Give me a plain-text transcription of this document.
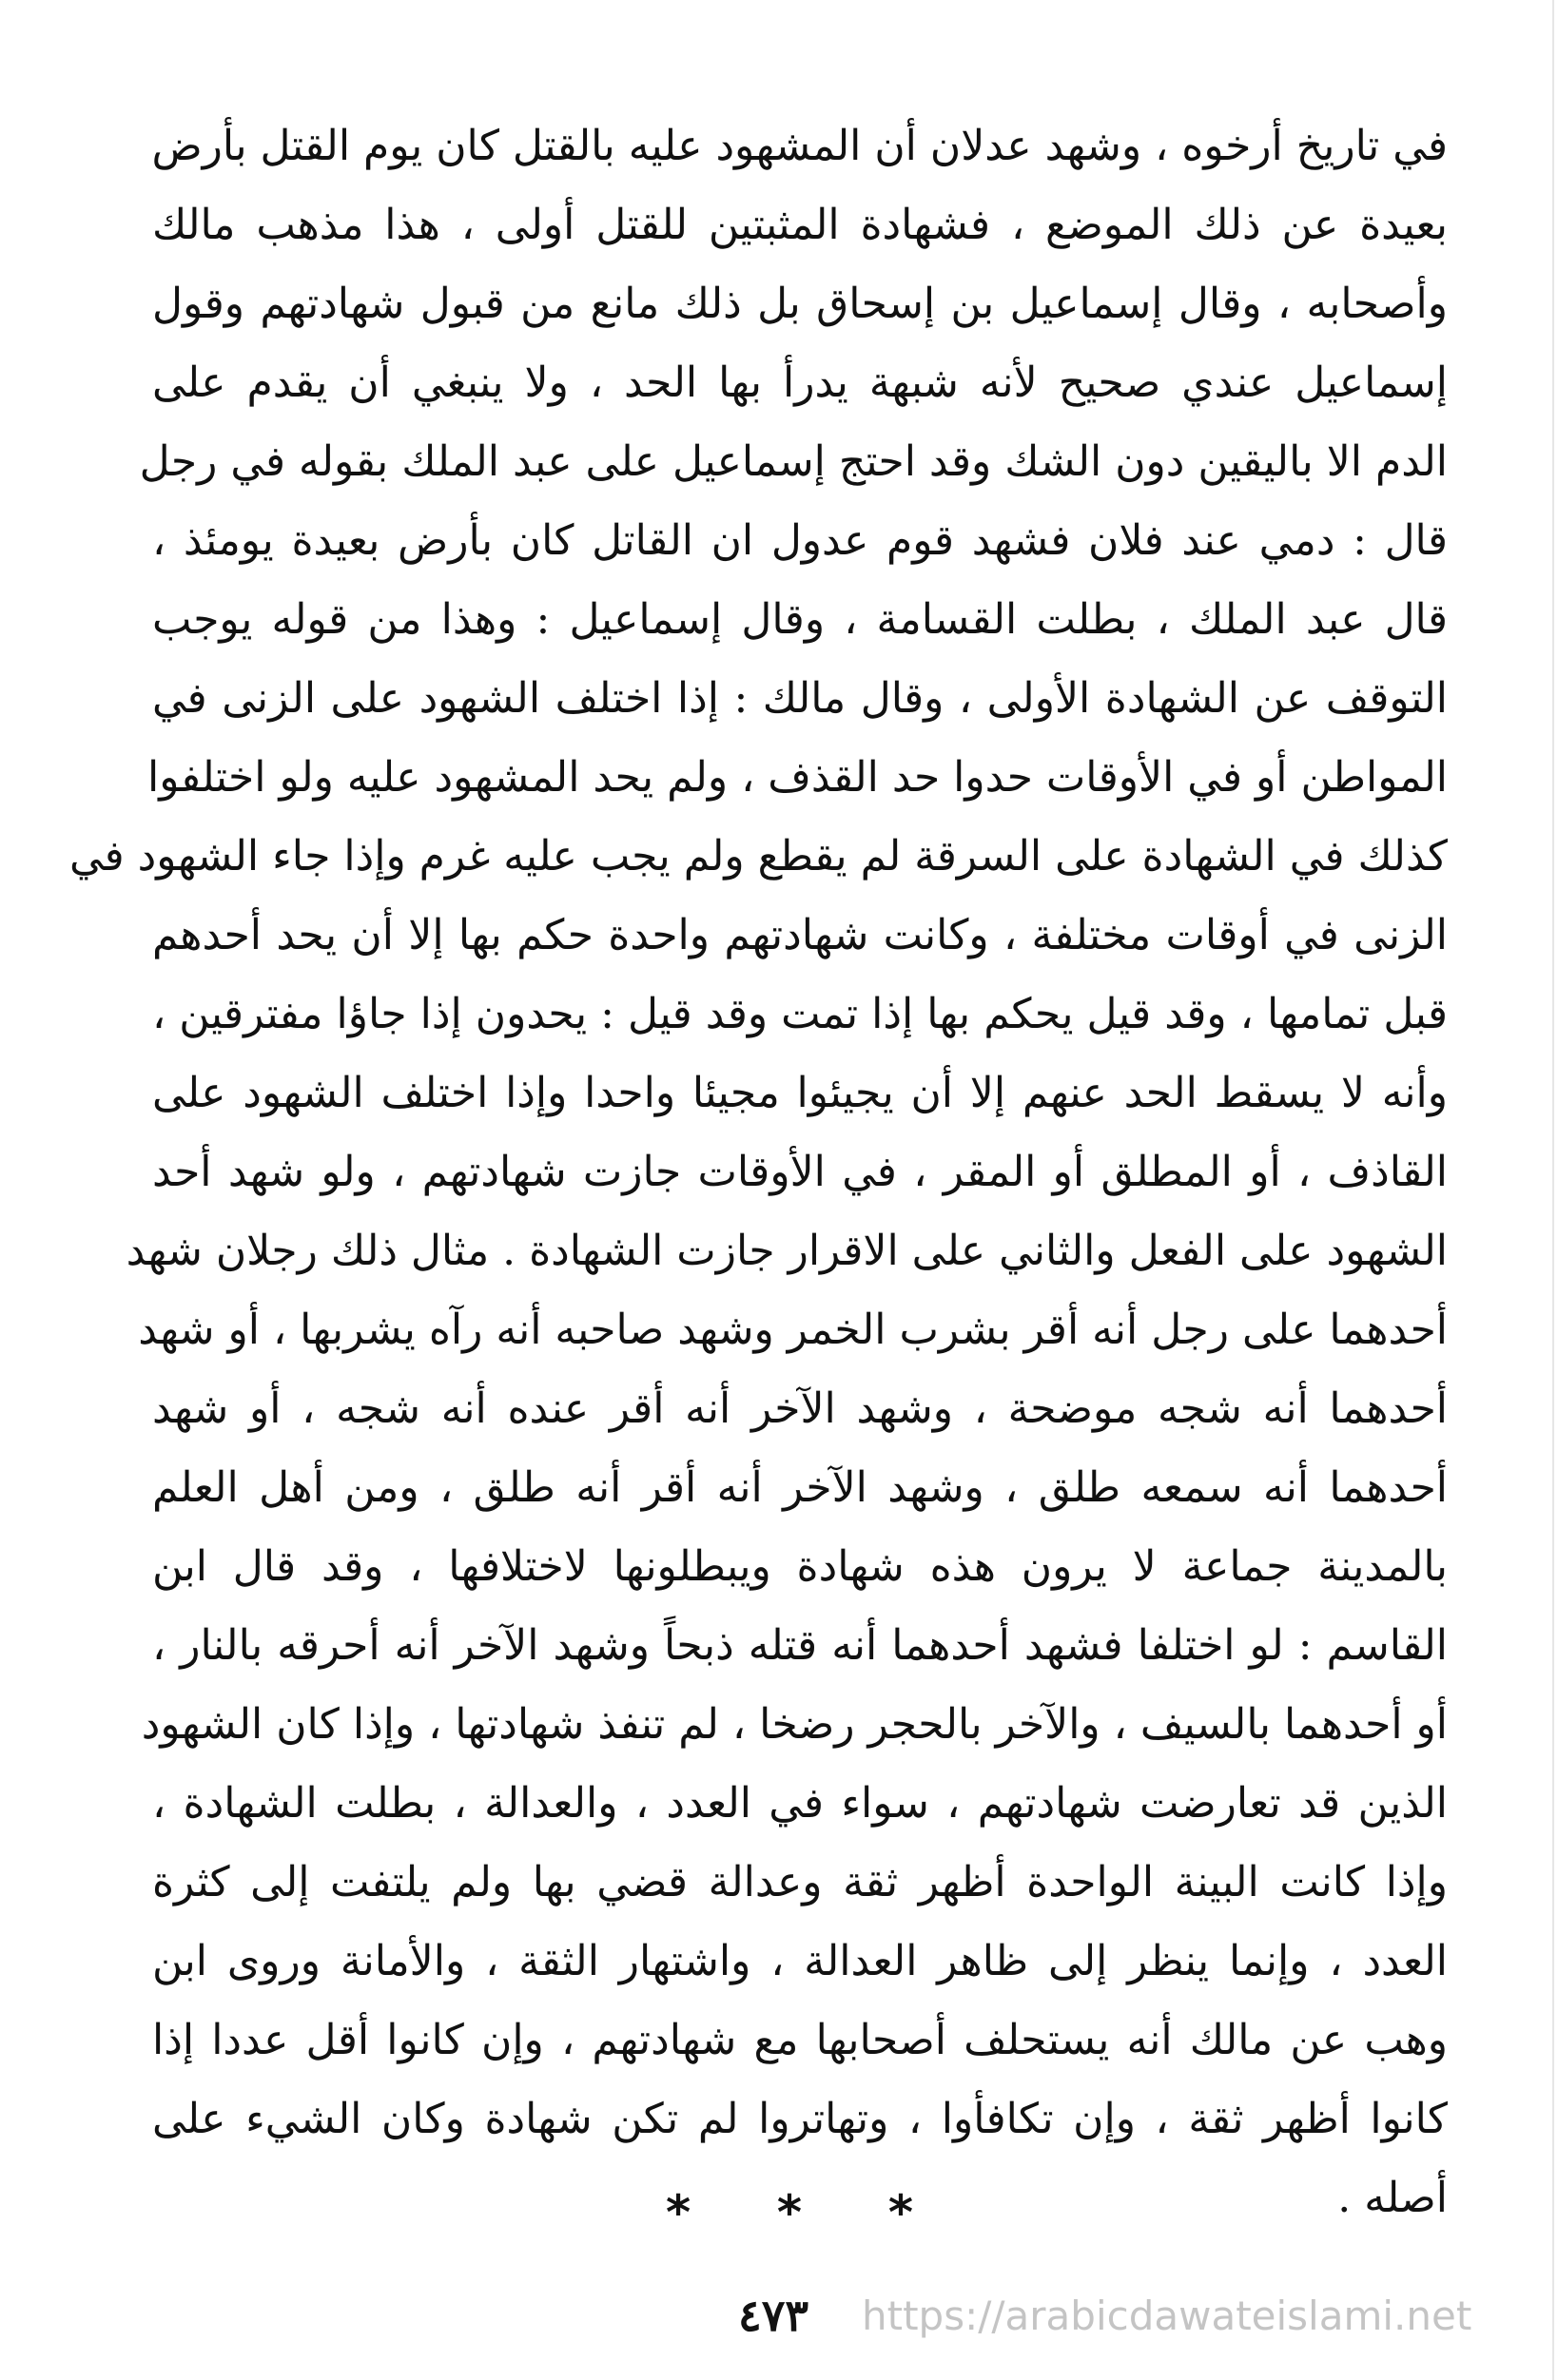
في تاريخ أرخوه ، وشهد عدلان أن المشهود عليه بالقتل كان يوم القتل بأرض
بعيدة عن ذلك الموضع ، فشهادة المثبتين للقتل أولى ، هذا مذهب مالك
وأصحابه ، وقال إسماعيل بن إسحاق بل ذلك مانع من قبول شهادتهم وقول
إسماعيل عندي صحيح لأنه شبهة يدرأ بها الحد ، ولا ينبغي أن يقدم على
الدم الا باليقين دون الشك وقد احتج إسماعيل على عبد الملك بقوله في رجل
قال : دمي عند فلان فشهد قوم عدول ان القاتل كان بأرض بعيدة يومئذ ،
قال عبد الملك ، بطلت القسامة ، وقال إسماعيل : وهذا من قوله يوجب
التوقف عن الشهادة الأولى ، وقال مالك : إذا اختلف الشهود على الزنى في
المواطن أو في الأوقات حدوا حد القذف ، ولم يحد المشهود عليه ولو اختلفوا
كذلك في الشهادة على السرقة لم يقطع ولم يجب عليه غرم وإذا جاء الشهود في
الزنى في أوقات مختلفة ، وكانت شهادتهم واحدة حكم بها إلا أن يحد أحدهم
قبل تمامها ، وقد قيل يحكم بها إذا تمت وقد قيل : يحدون إذا جاؤا مفترقين ،
وأنه لا يسقط الحد عنهم إلا أن يجيئوا مجيئا واحدا وإذا اختلف الشهود على
القاذف ، أو المطلق أو المقر ، في الأوقات جازت شهادتهم ، ولو شهد أحد
الشهود على الفعل والثاني على الاقرار جازت الشهادة . مثال ذلك رجلان شهد
أحدهما على رجل أنه أقر بشرب الخمر وشهد صاحبه أنه رآه يشربها ، أو شهد
أحدهما أنه شجه موضحة ، وشهد الآخر أنه أقر عنده أنه شجه ، أو شهد
أحدهما أنه سمعه طلق ، وشهد الآخر أنه أقر أنه طلق ، ومن أهل العلم
بالمدينة جماعة لا يرون هذه شهادة ويبطلونها لاختلافها ، وقد قال ابن
القاسم : لو اختلفا فشهد أحدهما أنه قتله ذبحاً وشهد الآخر أنه أحرقه بالنار ،
أو أحدهما بالسيف ، والآخر بالحجر رضخا ، لم تنفذ شهادتها ، وإذا كان الشهود
الذين قد تعارضت شهادتهم ، سواء في العدد ، والعدالة ، بطلت الشهادة ،
وإذا كانت البينة الواحدة أظهر ثقة وعدالة قضي بها ولم يلتفت إلى كثرة
العدد ، وإنما ينظر إلى ظاهر العدالة ، واشتهار الثقة ، والأمانة وروى ابن
وهب عن مالك أنه يستحلف أصحابها مع شهادتهم ، وإن كانوا أقل عددا إذا
كانوا أظهر ثقة ، وإن تكافأوا ، وتهاتروا لم تكن شهادة وكان الشيء على
أصله .
* * *
٤٧٣ https://arabicdawateislami.net
